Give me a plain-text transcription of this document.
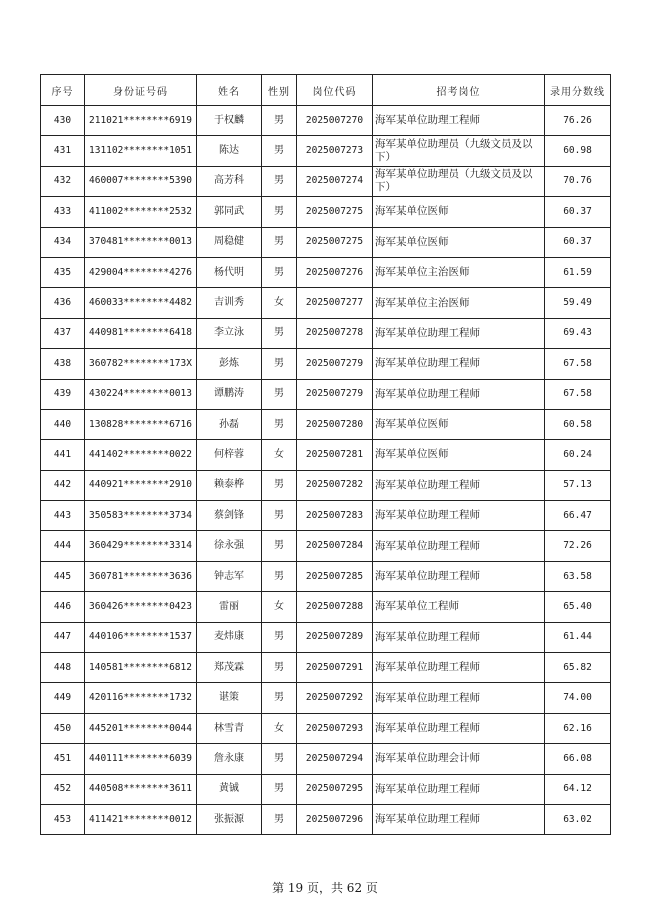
序号	身份证号码	姓名	性别	岗位代码	招考岗位	录用分数线
430	211021********6919	于权麟	男	2025007270	海军某单位助理工程师	76.26
431	131102********1051	陈达	男	2025007273	海军某单位助理员（九级文员及以下）	60.98
432	460007********5390	高芳科	男	2025007274	海军某单位助理员（九级文员及以下）	70.76
433	411002********2532	郭同武	男	2025007275	海军某单位医师	60.37
434	370481********0013	周稳健	男	2025007275	海军某单位医师	60.37
435	429004********4276	杨代明	男	2025007276	海军某单位主治医师	61.59
436	460033********4482	吉训秀	女	2025007277	海军某单位主治医师	59.49
437	440981********6418	李立泳	男	2025007278	海军某单位助理工程师	69.43
438	360782********173X	彭炼	男	2025007279	海军某单位助理工程师	67.58
439	430224********0013	谭鹏涛	男	2025007279	海军某单位助理工程师	67.58
440	130828********6716	孙磊	男	2025007280	海军某单位医师	60.58
441	441402********0022	何梓蓉	女	2025007281	海军某单位医师	60.24
442	440921********2910	赖泰桦	男	2025007282	海军某单位助理工程师	57.13
443	350583********3734	蔡剑锋	男	2025007283	海军某单位助理工程师	66.47
444	360429********3314	徐永强	男	2025007284	海军某单位助理工程师	72.26
445	360781********3636	钟志军	男	2025007285	海军某单位助理工程师	63.58
446	360426********0423	雷丽	女	2025007288	海军某单位工程师	65.40
447	440106********1537	麦炜康	男	2025007289	海军某单位助理工程师	61.44
448	140581********6812	郑茂霖	男	2025007291	海军某单位助理工程师	65.82
449	420116********1732	谌策	男	2025007292	海军某单位助理工程师	74.00
450	445201********0044	林雪青	女	2025007293	海军某单位助理工程师	62.16
451	440111********6039	詹永康	男	2025007294	海军某单位助理会计师	66.08
452	440508********3611	黄铖	男	2025007295	海军某单位助理工程师	64.12
453	411421********0012	张振源	男	2025007296	海军某单位助理工程师	63.02
第 19 页，共 62 页
